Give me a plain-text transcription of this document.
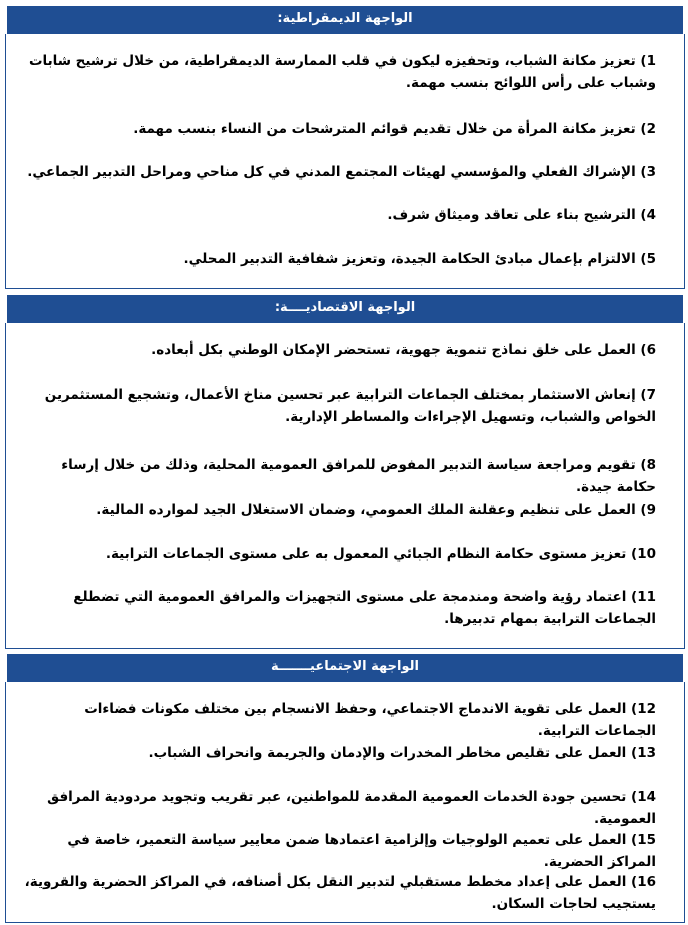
الواجهة الديمقراطية:
1) تعزيز مكانة الشباب، وتحفيزه ليكون في قلب الممارسة الديمقراطية، من خلال ترشيح شابات وشباب على رأس اللوائح بنسب مهمة.
2) تعزيز مكانة المرأة من خلال تقديم قوائم المترشحات من النساء بنسب مهمة.
3) الإشراك الفعلي والمؤسسي لهيئات المجتمع المدني في كل مناحي ومراحل التدبير الجماعي.
4) الترشيح بناء على تعاقد وميثاق شرف.
5) الالتزام بإعمال مبادئ الحكامة الجيدة، وتعزيز شفافية التدبير المحلي.
الواجهة الاقتصاديــــة:
6) العمل على خلق نماذج تنموية جهوية، تستحضر الإمكان الوطني بكل أبعاده.
7) إنعاش الاستثمار بمختلف الجماعات الترابية عبر تحسين مناخ الأعمال، وتشجيع المستثمرين الخواص والشباب، وتسهيل الإجراءات والمساطر الإدارية.
8) تقويم ومراجعة سياسة التدبير المفوض للمرافق العمومية المحلية، وذلك من خلال إرساء حكامة جيدة.
9) العمل على تنظيم وعقلنة الملك العمومي، وضمان الاستغلال الجيد لموارده المالية.
10) تعزيز مستوى حكامة النظام الجبائي المعمول به على مستوى الجماعات الترابية.
11) اعتماد رؤية واضحة ومندمجة على مستوى التجهيزات والمرافق العمومية التي تضطلع الجماعات الترابية بمهام تدبيرها.
الواجهة الاجتماعيـــــــة
12) العمل على تقوية الاندماج الاجتماعي، وحفظ الانسجام بين مختلف مكونات فضاءات الجماعات الترابية.
13) العمل على تقليص مخاطر المخدرات والإدمان والجريمة وانحراف الشباب.
14) تحسين جودة الخدمات العمومية المقدمة للمواطنين، عبر تقريب وتجويد مردودية المرافق العمومية.
15) العمل على تعميم الولوجيات وإلزامية اعتمادها ضمن معايير سياسة التعمير، خاصة في المراكز الحضرية.
16) العمل على إعداد مخطط مستقبلي لتدبير النقل بكل أصنافه، في المراكز الحضرية والقروية، يستجيب لحاجات السكان.
